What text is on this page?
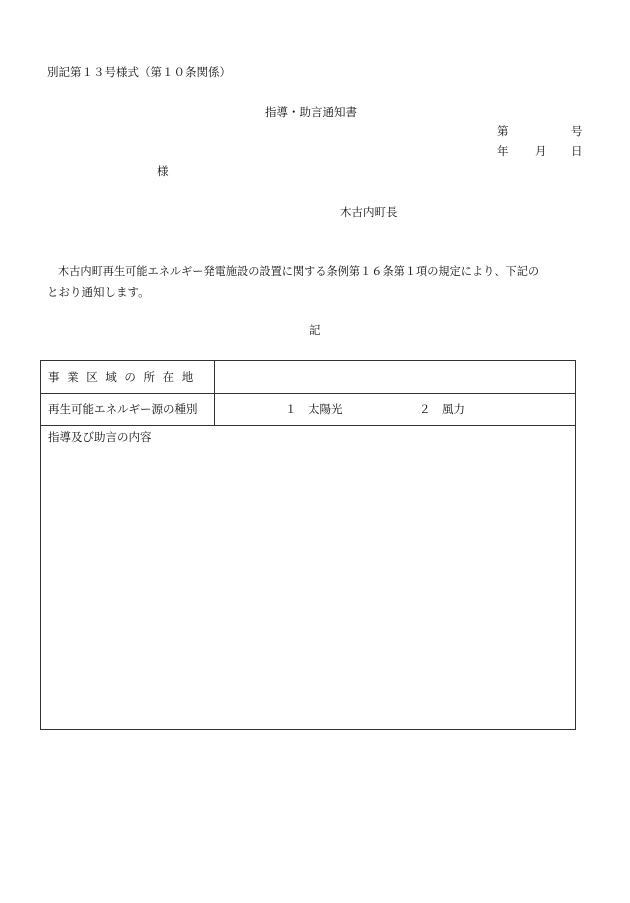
別記第１３号様式（第１０条関係）
指導・助言通知書
第	号
年 月 日
様
木古内町長
木古内町再生可能エネルギー発電施設の設置に関する条例第１６条第１項の規定により、下記の
とおり通知します。
記
事業区域の所在地
再生可能エネルギー源の種別	１　太陽光	２　風力
指導及び助言の内容
